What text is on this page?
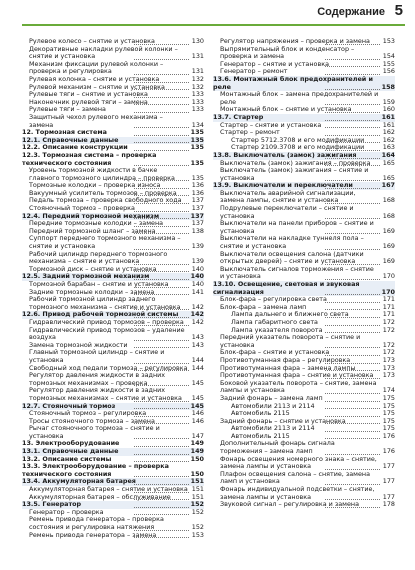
Содержание 5
Рулевое колесо – снятие и установка	130
Декоративные накладки рулевой колонки – снятие и установка	131
Механизм фиксации рулевой колонки – проверка и регулировка	131
Рулевая колонка – снятие и установка	132
Рулевой механизм – снятие и установка	132
Рулевые тяги – снятие и установка	133
Наконечник рулевой тяги – замена	133
Рулевые тяги – замена	133
Защитный чехол рулевого механизма – замена	134
12. Тормозная система	135
12.1. Справочные данные	135
12.2. Описание конструкции	135
12.3. Тормозная система – проверка технического состояния	135
Уровень тормозной жидкости в бачке главного тормозного цилиндра – проверка	135
Тормозные колодки – проверка износа	136
Вакуумный усилитель тормозов – проверка	136
Педаль тормоза – проверка свободного хода	137
Стояночный тормоз – проверка	137
12.4. Передний тормозной механизм	137
Передние тормозные колодки – замена	137
Передний тормозной шланг – замена	138
Суппорт переднего тормозного механизма – снятие и установка	139
Рабочий цилиндр переднего тормозного механизма – снятие и установка	139
Тормозной диск – снятие и установка	140
12.5. Задний тормозной механизм	140
Тормозной барабан – снятие и установка	140
Задние тормозные колодки – замена	141
Рабочий тормозной цилиндр заднего тормозного механизма – снятие и установка	142
12.6. Привод рабочей тормозной системы	142
Гидравлический привод тормозов – проверка	142
Гидравлический привод тормозов – удаление воздуха	143
Замена тормозной жидкости	143
Главный тормозной цилиндр – снятие и установка	144
Свободный ход педали тормоза – регулировка 144
Регулятор давления жидкости в задних тормозных механизмах – проверка	145
Регулятор давления жидкости в задних тормозных механизмах – снятие и установка	145
12.7. Стояночный тормоз	145
Стояночный тормоз – регулировка	146
Тросы стояночного тормоза – замена	146
Рычаг стояночного тормоза – снятие и установка	147
13. Электрооборудование	149
13.1. Справочные данные	149
13.2. Описание системы	150
13.3. Электрооборудование – проверка технического состояния	150
13.4. Аккумуляторная батарея	151
Аккумуляторная батарея – снятие и установка 151
Аккумуляторная батарея – обслуживание	151
13.5. Генератор	152
Генератор – проверка	152
Ремень привода генератора – проверка состояния и регулировка натяжения	152
Ремень привода генератора – замена	153
Регулятор напряжения – проверка и замена	153
Выпрямительный блок и конденсатор – проверка и замена	154
Генератор – снятие и установка	155
Генератор – ремонт	156
13.6. Монтажный блок предохранителей и реле	158
Монтажный блок – замена предохранителей и реле	159
Монтажный блок – снятие и установка	160
13.7. Стартер	161
Стартер – снятие и установка	161
Стартер – ремонт	162
Стартер 5712.3708 и его модификации	162
Стартер 2109.3708 и его модификации	163
13.8. Выключатель (замок) зажигания	164
Выключатель (замок) зажигания – проверка	165
Выключатель (замок) зажигания – снятие и установка	165
13.9. Выключатели и переключатели	167
Выключатель аварийной сигнализации, замена лампы, снятие и установка	168
Подрулевые переключатели – снятие и установка	168
Выключатели на панели приборов – снятие и установка	169
Выключатели на накладке туннеля пола – снятие и установка	169
Выключатели освещения салона (датчики открытых дверей) – снятие и установка	169
Выключатель сигналов торможения – снятие и установка	170
13.10. Освещение, световая и звуковая сигнализация	170
Блок-фара – регулировка света	171
Блок-фара – замена ламп	171
Лампа дальнего и ближнего света	171
Лампа габаритного света	172
Лампа указателя поворота	172
Передний указатель поворота – снятие и установка	172
Блок-фара – снятие и установка	172
Противотуманная фара – регулировка	173
Противотуманная фара – замена лампы	173
Противотуманная фара – снятие и установка	173
Боковой указатель поворота – снятие, замена лампы и установка	174
Задний фонарь – замена ламп	175
Автомобили 2113 и 2114	175
Автомобиль 2115	175
Задний фонарь – снятие и установка	175
Автомобили 2113 и 2114	175
Автомобиль 2115	176
Дополнительный фонарь сигнала торможения – замена ламп	176
Фонарь освещения номерного знака – снятие, замена лампы и установка	177
Плафон освещения салона – снятие, замена ламп и установка	177
Фонарь индивидуальной подсветки – снятие, замена лампы и установка	177
Звуковой сигнал – регулировка и замена	178
